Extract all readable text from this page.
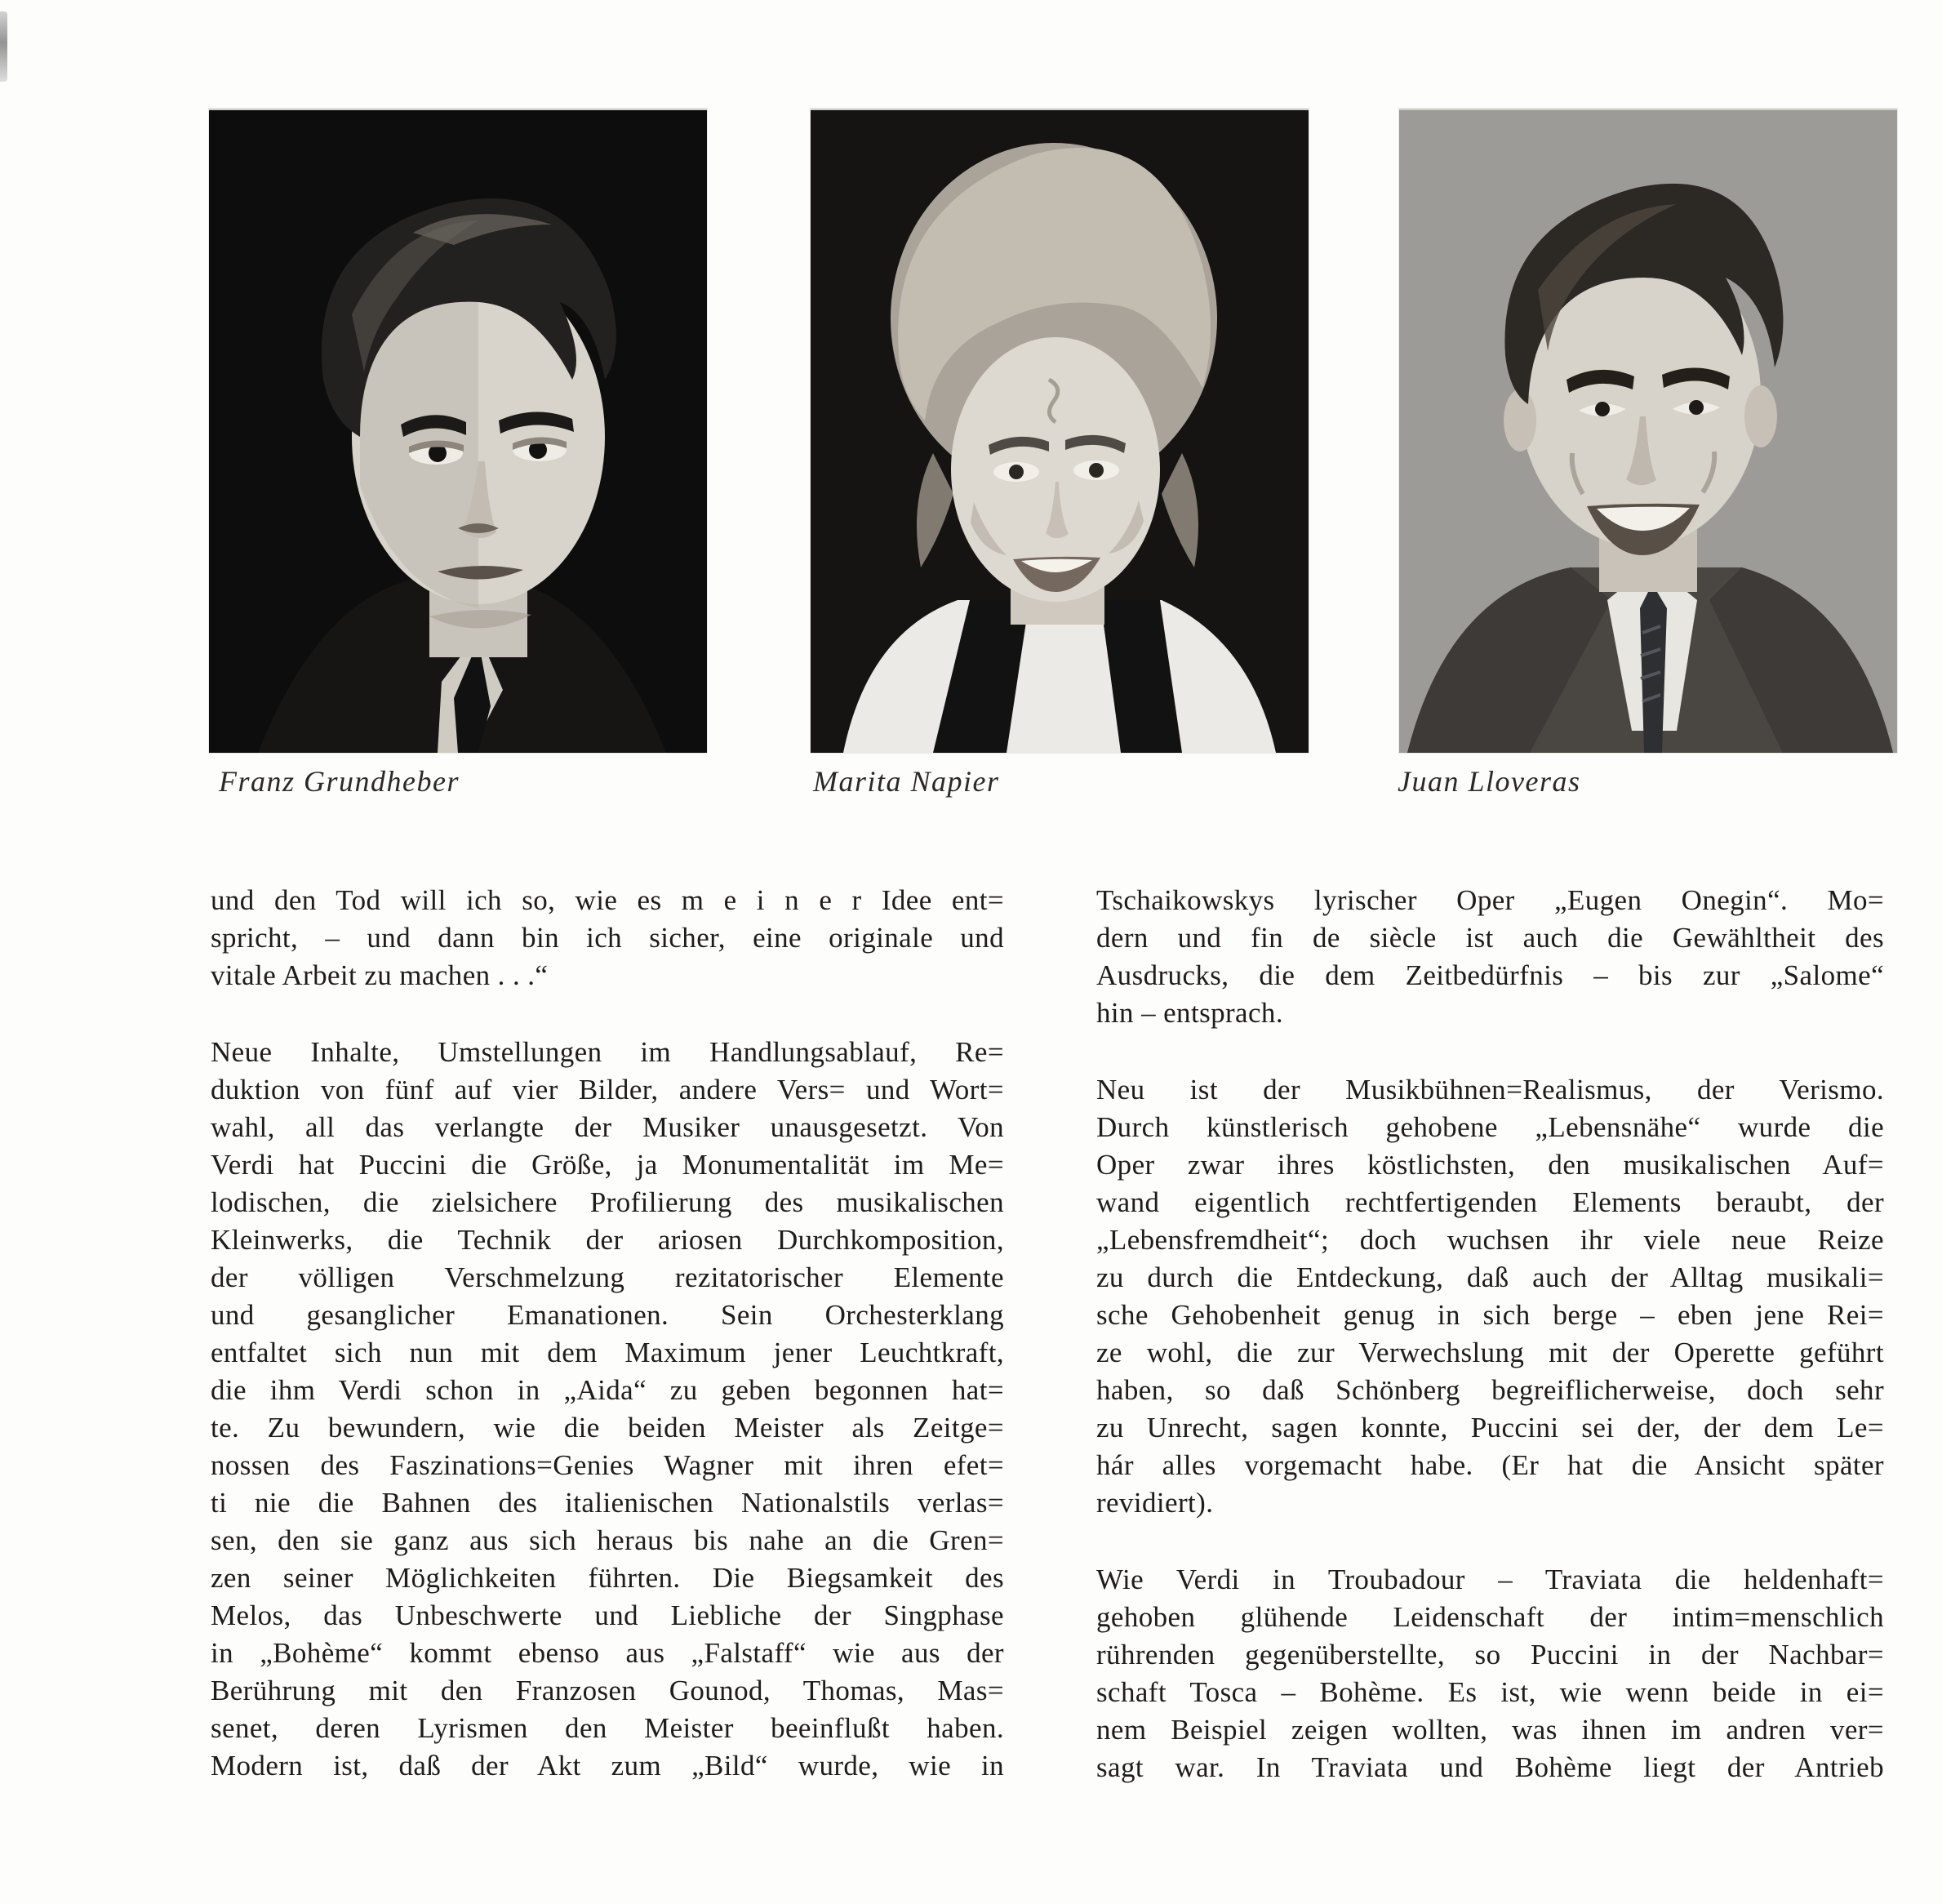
Franz Grundheber	Marita Napier	Juan Lloveras

und den Tod will ich so, wie es m e i n e r Idee ent=
spricht, – und dann bin ich sicher, eine originale und
vitale Arbeit zu machen . . .“

Neue Inhalte, Umstellungen im Handlungsablauf, Re=
duktion von fünf auf vier Bilder, andere Vers= und Wort=
wahl, all das verlangte der Musiker unausgesetzt. Von
Verdi hat Puccini die Größe, ja Monumentalität im Me=
lodischen, die zielsichere Profilierung des musikalischen
Kleinwerks, die Technik der ariosen Durchkomposition,
der völligen Verschmelzung rezitatorischer Elemente
und gesanglicher Emanationen. Sein Orchesterklang
entfaltet sich nun mit dem Maximum jener Leuchtkraft,
die ihm Verdi schon in „Aida“ zu geben begonnen hat=
te. Zu bewundern, wie die beiden Meister als Zeitge=
nossen des Faszinations=Genies Wagner mit ihren efet=
ti nie die Bahnen des italienischen Nationalstils verlas=
sen, den sie ganz aus sich heraus bis nahe an die Gren=
zen seiner Möglichkeiten führten. Die Biegsamkeit des
Melos, das Unbeschwerte und Liebliche der Singphase
in „Bohème“ kommt ebenso aus „Falstaff“ wie aus der
Berührung mit den Franzosen Gounod, Thomas, Mas=
senet, deren Lyrismen den Meister beeinflußt haben.
Modern ist, daß der Akt zum „Bild“ wurde, wie in

Tschaikowskys lyrischer Oper „Eugen Onegin“. Mo=
dern und fin de siècle ist auch die Gewähltheit des
Ausdrucks, die dem Zeitbedürfnis – bis zur „Salome“
hin – entsprach.

Neu ist der Musikbühnen=Realismus, der Verismo.
Durch künstlerisch gehobene „Lebensnähe“ wurde die
Oper zwar ihres köstlichsten, den musikalischen Auf=
wand eigentlich rechtfertigenden Elements beraubt, der
„Lebensfremdheit“; doch wuchsen ihr viele neue Reize
zu durch die Entdeckung, daß auch der Alltag musikali=
sche Gehobenheit genug in sich berge – eben jene Rei=
ze wohl, die zur Verwechslung mit der Operette geführt
haben, so daß Schönberg begreiflicherweise, doch sehr
zu Unrecht, sagen konnte, Puccini sei der, der dem Le=
hár alles vorgemacht habe. (Er hat die Ansicht später
revidiert).

Wie Verdi in Troubadour – Traviata die heldenhaft=
gehoben glühende Leidenschaft der intim=menschlich
rührenden gegenüberstellte, so Puccini in der Nachbar=
schaft Tosca – Bohème. Es ist, wie wenn beide in ei=
nem Beispiel zeigen wollten, was ihnen im andren ver=
sagt war. In Traviata und Bohème liegt der Antrieb
